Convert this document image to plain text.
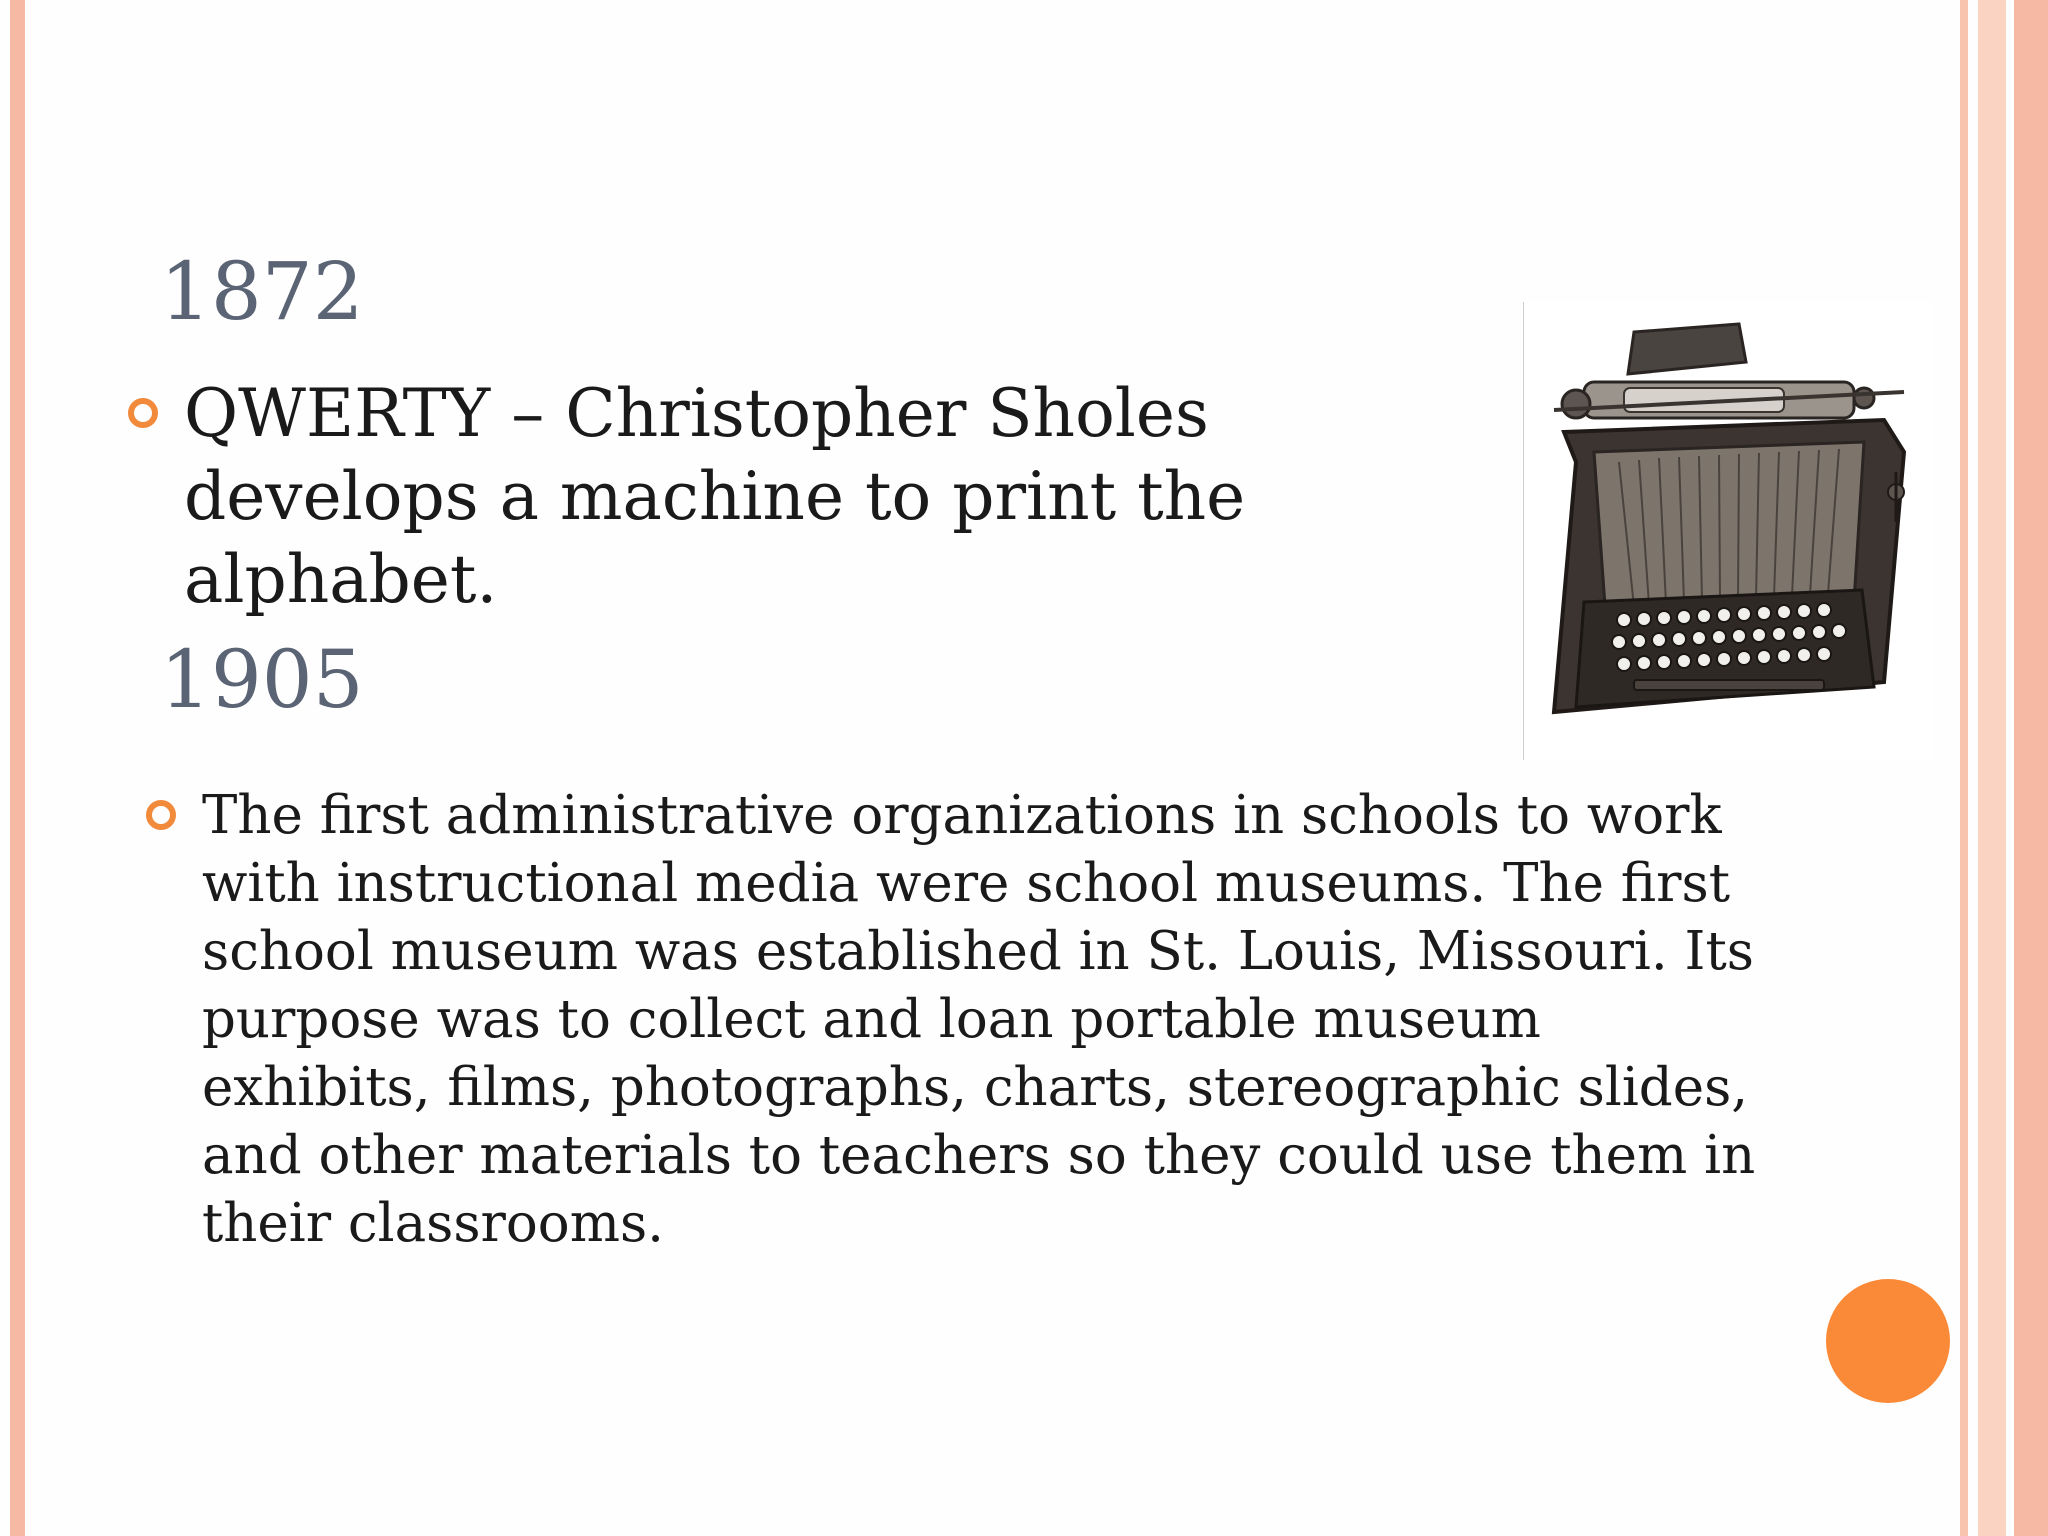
1872
QWERTY – Christopher Sholes develops a machine to print the alphabet.
1905
The first administrative organizations in schools to work with instructional media were school museums. The first school museum was established in St. Louis, Missouri. Its purpose was to collect and loan portable museum exhibits, films, photographs, charts, stereographic slides, and other materials to teachers so they could use them in their classrooms.
